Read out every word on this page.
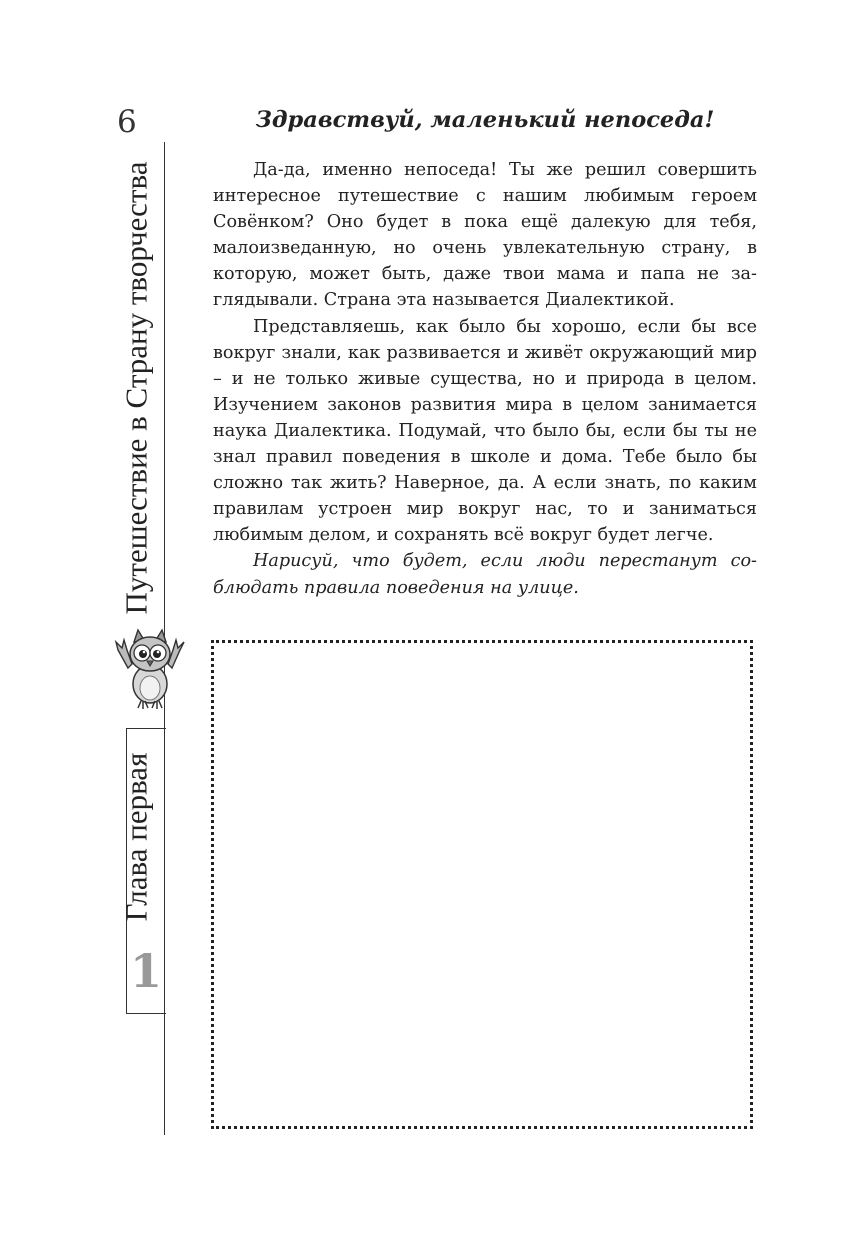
6
Путешествие в Страну творчества
Глава первая
1
Здравствуй, маленький непоседа!

Да-да, именно непоседа! Ты же решил совершить интересное путешествие с нашим любимым героем Совёнком? Оно будет в пока ещё далекую для тебя, малоизведанную, но очень увлекательную страну, в которую, может быть, даже твои мама и папа не заглядывали. Страна эта называется Диалектикой.

Представляешь, как было бы хорошо, если бы все вокруг знали, как развивается и живёт окружающий мир – и не только живые существа, но и природа в целом. Изучением законов развития мира в целом занимается наука Диалектика. Подумай, что было бы, если бы ты не знал правил поведения в школе и дома. Тебе было бы сложно так жить? Наверное, да. А если знать, по каким правилам устроен мир вокруг нас, то и заниматься любимым делом, и сохранять всё вокруг будет легче.

Нарисуй, что будет, если люди перестанут соблюдать правила поведения на улице.
